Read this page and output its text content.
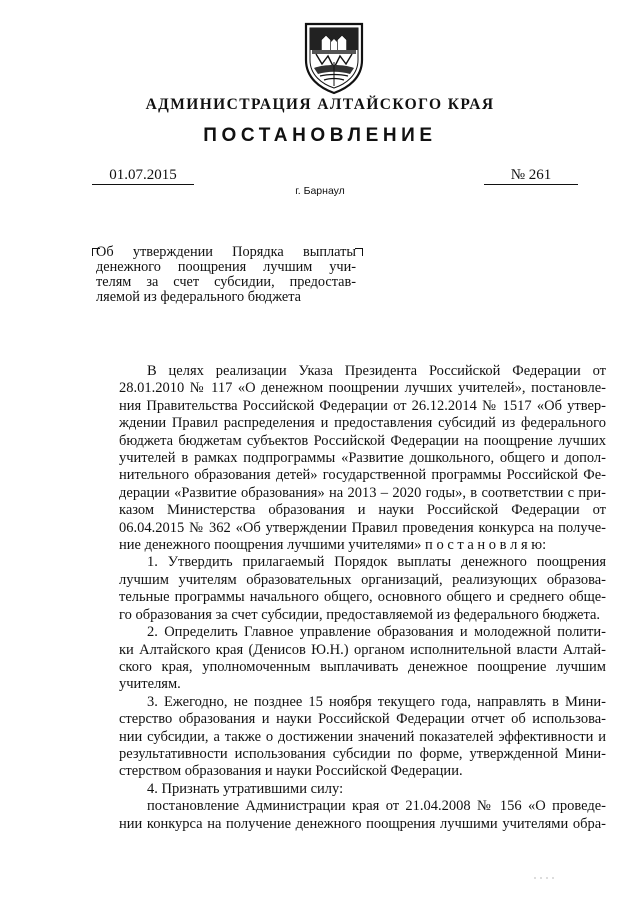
АДМИНИСТРАЦИЯ АЛТАЙСКОГО КРАЯ
ПОСТАНОВЛЕНИЕ
01.07.2015	№ 261
г. Барнаул
Об утверждении Порядка выплаты
денежного поощрения лучшим учи-
телям за счет субсидии, предостав-
ляемой из федерального бюджета
В целях реализации Указа Президента Российской Федерации от
28.01.2010 № 117 «О денежном поощрении лучших учителей», постановле-
ния Правительства Российской Федерации от 26.12.2014 № 1517 «Об утвер-
ждении Правил распределения и предоставления субсидий из федерального
бюджета бюджетам субъектов Российской Федерации на поощрение лучших
учителей в рамках подпрограммы «Развитие дошкольного, общего и допол-
нительного образования детей» государственной программы Российской Фе-
дерации «Развитие образования» на 2013 – 2020 годы», в соответствии с при-
казом Министерства образования и науки Российской Федерации от
06.04.2015 № 362 «Об утверждении Правил проведения конкурса на получе-
ние денежного поощрения лучшими учителями» п о с т а н о в л я ю:
1. Утвердить прилагаемый Порядок выплаты денежного поощрения
лучшим учителям образовательных организаций, реализующих образова-
тельные программы начального общего, основного общего и среднего обще-
го образования за счет субсидии, предоставляемой из федерального бюджета.
2. Определить Главное управление образования и молодежной полити-
ки Алтайского края (Денисов Ю.Н.) органом исполнительной власти Алтай-
ского края, уполномоченным выплачивать денежное поощрение лучшим
учителям.
3. Ежегодно, не позднее 15 ноября текущего года, направлять в Мини-
стерство образования и науки Российской Федерации отчет об использова-
нии субсидии, а также о достижении значений показателей эффективности и
результативности использования субсидии по форме, утвержденной Мини-
стерством образования и науки Российской Федерации.
4. Признать утратившими силу:
постановление Администрации края от 21.04.2008 № 156 «О проведе-
нии конкурса на получение денежного поощрения лучшими учителями обра-
